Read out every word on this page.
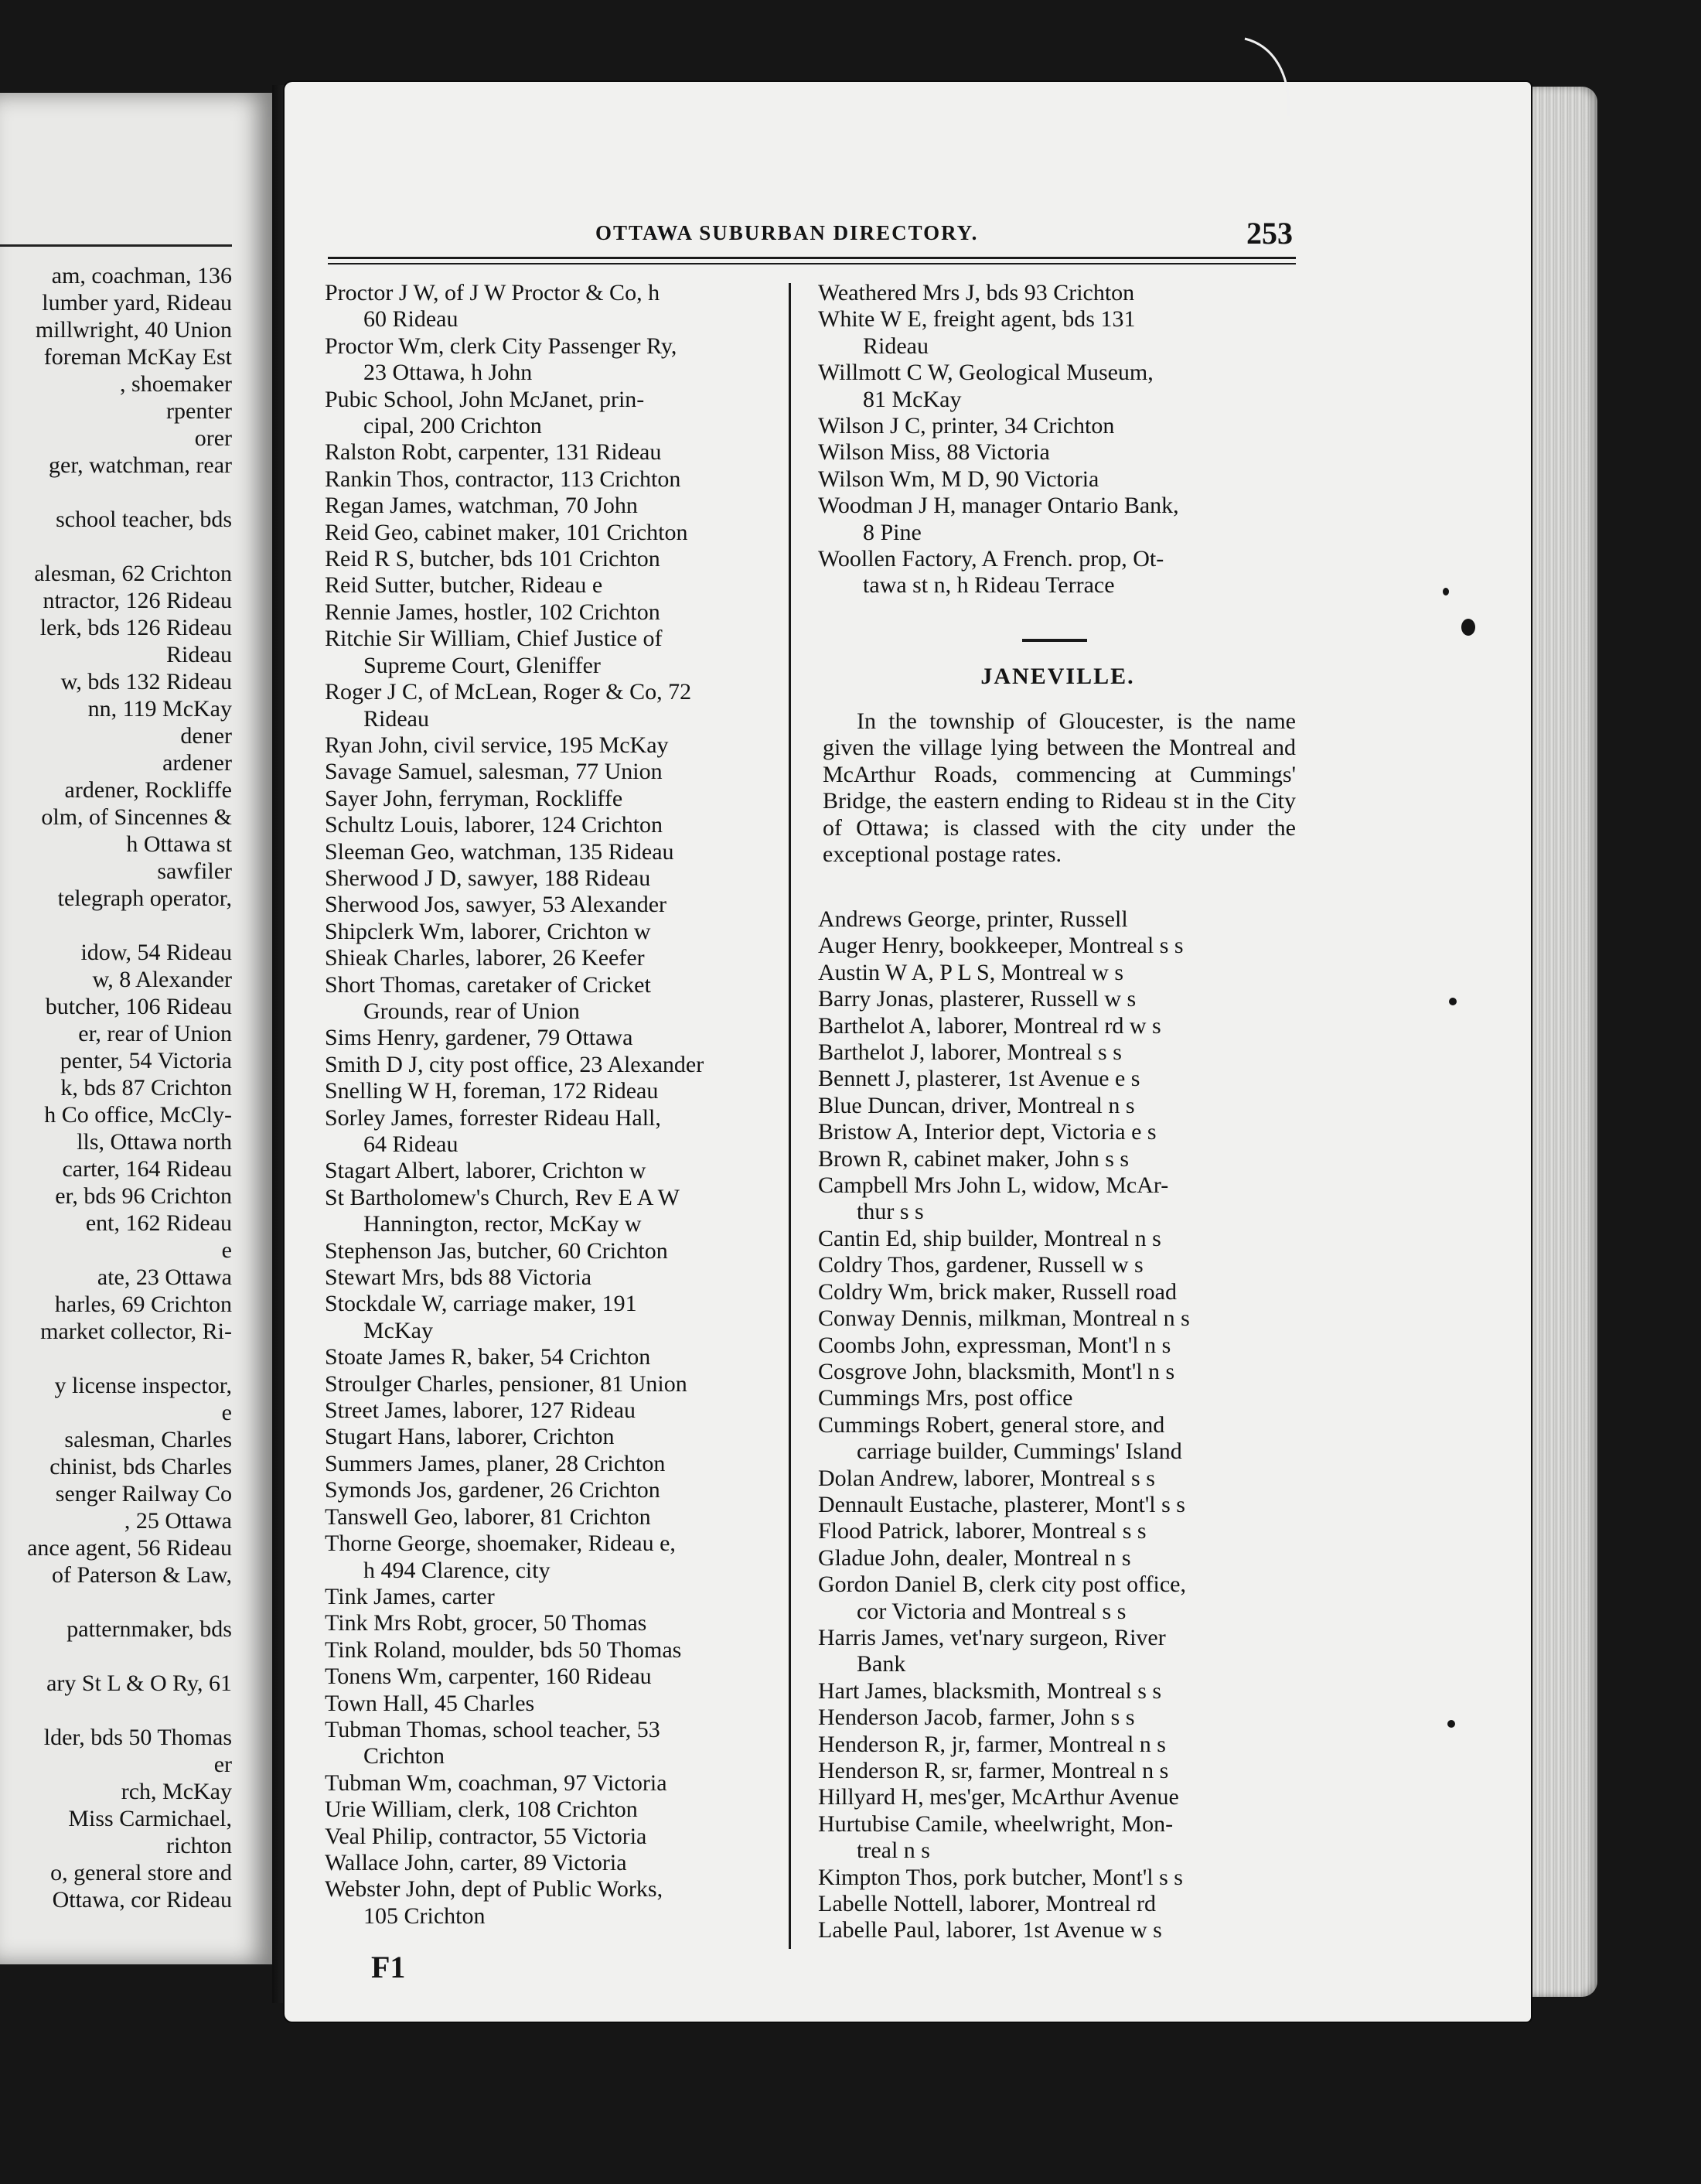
am, coachman, 136
lumber yard, Rideau
millwright, 40 Union
foreman McKay Est
, shoemaker
rpenter
orer
ger, watchman, rear
school teacher, bds
alesman, 62 Crichton
ntractor, 126 Rideau
lerk, bds 126 Rideau
Rideau
w, bds 132 Rideau
nn, 119 McKay
dener
ardener
ardener, Rockliffe
olm, of Sincennes &
h Ottawa st
sawfiler
telegraph operator,
idow, 54 Rideau
w, 8 Alexander
butcher, 106 Rideau
er, rear of Union
penter, 54 Victoria
k, bds 87 Crichton
h Co office, McCly-
lls, Ottawa north
carter, 164 Rideau
er, bds 96 Crichton
ent, 162 Rideau
e
ate, 23 Ottawa
harles, 69 Crichton
market collector, Ri-
y license inspector,
e
salesman, Charles
chinist, bds Charles
senger Railway Co
, 25 Ottawa
ance agent, 56 Rideau
of Paterson & Law,
patternmaker, bds
ary St L & O Ry, 61
lder, bds 50 Thomas
er
rch, McKay
Miss Carmichael,
richton
o, general store and
Ottawa, cor Rideau
OTTAWA SUBURBAN DIRECTORY.	253
Proctor J W, of J W Proctor & Co, h
60 Rideau
Proctor Wm, clerk City Passenger Ry,
23 Ottawa, h John
Pubic School, John McJanet, prin-
cipal, 200 Crichton
Ralston Robt, carpenter, 131 Rideau
Rankin Thos, contractor, 113 Crichton
Regan James, watchman, 70 John
Reid Geo, cabinet maker, 101 Crichton
Reid R S, butcher, bds 101 Crichton
Reid Sutter, butcher, Rideau e
Rennie James, hostler, 102 Crichton
Ritchie Sir William, Chief Justice of
Supreme Court, Gleniffer
Roger J C, of McLean, Roger & Co, 72
Rideau
Ryan John, civil service, 195 McKay
Savage Samuel, salesman, 77 Union
Sayer John, ferryman, Rockliffe
Schultz Louis, laborer, 124 Crichton
Sleeman Geo, watchman, 135 Rideau
Sherwood J D, sawyer, 188 Rideau
Sherwood Jos, sawyer, 53 Alexander
Shipclerk Wm, laborer, Crichton w
Shieak Charles, laborer, 26 Keefer
Short Thomas, caretaker of Cricket
Grounds, rear of Union
Sims Henry, gardener, 79 Ottawa
Smith D J, city post office, 23 Alexander
Snelling W H, foreman, 172 Rideau
Sorley James, forrester Rideau Hall,
64 Rideau
Stagart Albert, laborer, Crichton w
St Bartholomew's Church, Rev E A W
Hannington, rector, McKay w
Stephenson Jas, butcher, 60 Crichton
Stewart Mrs, bds 88 Victoria
Stockdale W, carriage maker, 191
McKay
Stoate James R, baker, 54 Crichton
Stroulger Charles, pensioner, 81 Union
Street James, laborer, 127 Rideau
Stugart Hans, laborer, Crichton
Summers James, planer, 28 Crichton
Symonds Jos, gardener, 26 Crichton
Tanswell Geo, laborer, 81 Crichton
Thorne George, shoemaker, Rideau e,
h 494 Clarence, city
Tink James, carter
Tink Mrs Robt, grocer, 50 Thomas
Tink Roland, moulder, bds 50 Thomas
Tonens Wm, carpenter, 160 Rideau
Town Hall, 45 Charles
Tubman Thomas, school teacher, 53
Crichton
Tubman Wm, coachman, 97 Victoria
Urie William, clerk, 108 Crichton
Veal Philip, contractor, 55 Victoria
Wallace John, carter, 89 Victoria
Webster John, dept of Public Works,
105 Crichton
Weathered Mrs J, bds 93 Crichton
White W E, freight agent, bds 131
Rideau
Willmott C W, Geological Museum,
81 McKay
Wilson J C, printer, 34 Crichton
Wilson Miss, 88 Victoria
Wilson Wm, M D, 90 Victoria
Woodman J H, manager Ontario Bank,
8 Pine
Woollen Factory, A French. prop, Ot-
tawa st n, h Rideau Terrace
JANEVILLE.
In the township of Gloucester, is the name given the village lying between the Montreal and McArthur Roads, commencing at Cummings' Bridge, the eastern ending to Rideau st in the City of Ottawa; is classed with the city under the exceptional postage rates.
Andrews George, printer, Russell
Auger Henry, bookkeeper, Montreal s s
Austin W A, P L S, Montreal w s
Barry Jonas, plasterer, Russell w s
Barthelot A, laborer, Montreal rd w s
Barthelot J, laborer, Montreal s s
Bennett J, plasterer, 1st Avenue e s
Blue Duncan, driver, Montreal n s
Bristow A, Interior dept, Victoria e s
Brown R, cabinet maker, John s s
Campbell Mrs John L, widow, McAr-
thur s s
Cantin Ed, ship builder, Montreal n s
Coldry Thos, gardener, Russell w s
Coldry Wm, brick maker, Russell road
Conway Dennis, milkman, Montreal n s
Coombs John, expressman, Mont'l n s
Cosgrove John, blacksmith, Mont'l n s
Cummings Mrs, post office
Cummings Robert, general store, and
carriage builder, Cummings' Island
Dolan Andrew, laborer, Montreal s s
Dennault Eustache, plasterer, Mont'l s s
Flood Patrick, laborer, Montreal s s
Gladue John, dealer, Montreal n s
Gordon Daniel B, clerk city post office,
cor Victoria and Montreal s s
Harris James, vet'nary surgeon, River
Bank
Hart James, blacksmith, Montreal s s
Henderson Jacob, farmer, John s s
Henderson R, jr, farmer, Montreal n s
Henderson R, sr, farmer, Montreal n s
Hillyard H, mes'ger, McArthur Avenue
Hurtubise Camile, wheelwright, Mon-
treal n s
Kimpton Thos, pork butcher, Mont'l s s
Labelle Nottell, laborer, Montreal rd
Labelle Paul, laborer, 1st Avenue w s
F1
